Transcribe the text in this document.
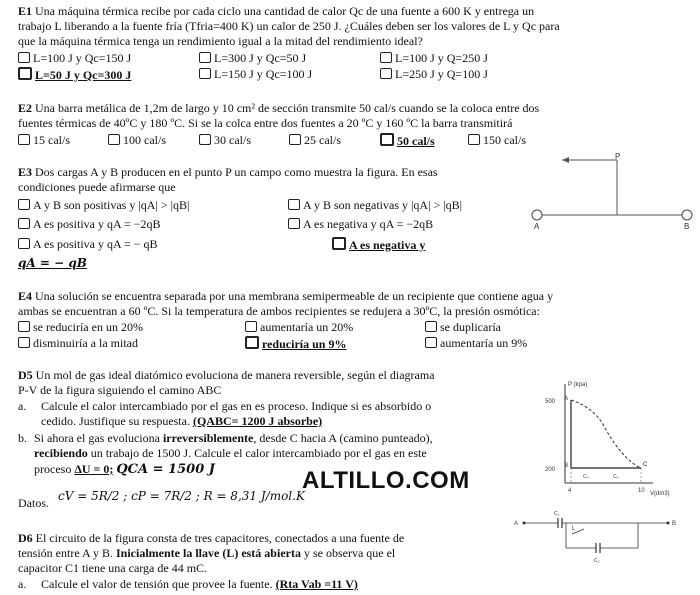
E1 Una máquina térmica recibe por cada ciclo una cantidad de calor Qc de una fuente a 600 K y entrega un
trabajo L liberando a la fuente fría (Tfria=400 K) un calor de 250 J. ¿Cuáles deben ser los valores de L y Qc para
que la máquina térmica tenga un rendimiento igual a la mitad del rendimiento ideal?
L=100 J y Qc=150 J	L=300 J y Qc=50 J	L=100 J y Q=250 J
L=50 J y Qc=300 J	L=150 J y Qc=100 J	L=250 J y Q=100 J
E2 Una barra metálica de 1,2m de largo y 10 cm² de sección transmite 50 cal/s cuando se la coloca entre dos
fuentes térmicas de 40ºC y 180 ºC. Si se la colca entre dos fuentes a 20 ºC y 160 ºC la barra transmitirá
15 cal/s	100 cal/s	30 cal/s	25 cal/s	50 cal/s	150 cal/s
E3 Dos cargas A y B producen en el punto P un campo como muestra la figura. En esas
condiciones puede afirmarse que
A y B son positivas y |qA| > |qB|	A y B son negativas y |qA| > |qB|
A es positiva y qA = −2qB	A es negativa y qA = −2qB
A es positiva y qA = − qB	A es negativa y
qA = − qB
P
A	B
E4 Una solución se encuentra separada por una membrana semipermeable de un recipiente que contiene agua y
ambas se encuentran a 60 ºC. Si la temperatura de ambos recipientes se redujera a 30ºC, la presión osmótica:
se reduciría en un 20%	aumentaría un 20%	se duplicaría
disminuiría a la mitad	reduciría un 9%	aumentaría un 9%
D5 Un mol de gas ideal diatómico evoluciona de manera reversible, según el diagrama
P-V de la figura siguiendo el camino ABC
a. Calcule el calor intercambiado por el gas en es proceso. Indique si es absorbido o
cedido. Justifique su respuesta. (QABC= 1200 J absorbe)
b. Si ahora el gas evoluciona irreversiblemente, desde C hacia A (camino punteado),
recibiendo un trabajo de 1500 J. Calcule el calor intercambiado por el gas en este
proceso ΔU = 0; QCA = 1500 J
Datos. cV = 5R/2 ; cP = 7R/2 ; R = 8,31 J/mol.K
P (kpa)
V(dm3)
500
200
4	10
A
B	C
Cₚ	Cₚ
ALTILLO.COM
D6 El circuito de la figura consta de tres capacitores, conectados a una fuente de
tensión entre A y B. Inicialmente la llave (L) está abierta y se observa que el
capacitor C1 tiene una carga de 44 mC.
a. Calcule el valor de tensión que provee la fuente. (Rta Vab =11 V)
A	B
L
C₁
C₂
